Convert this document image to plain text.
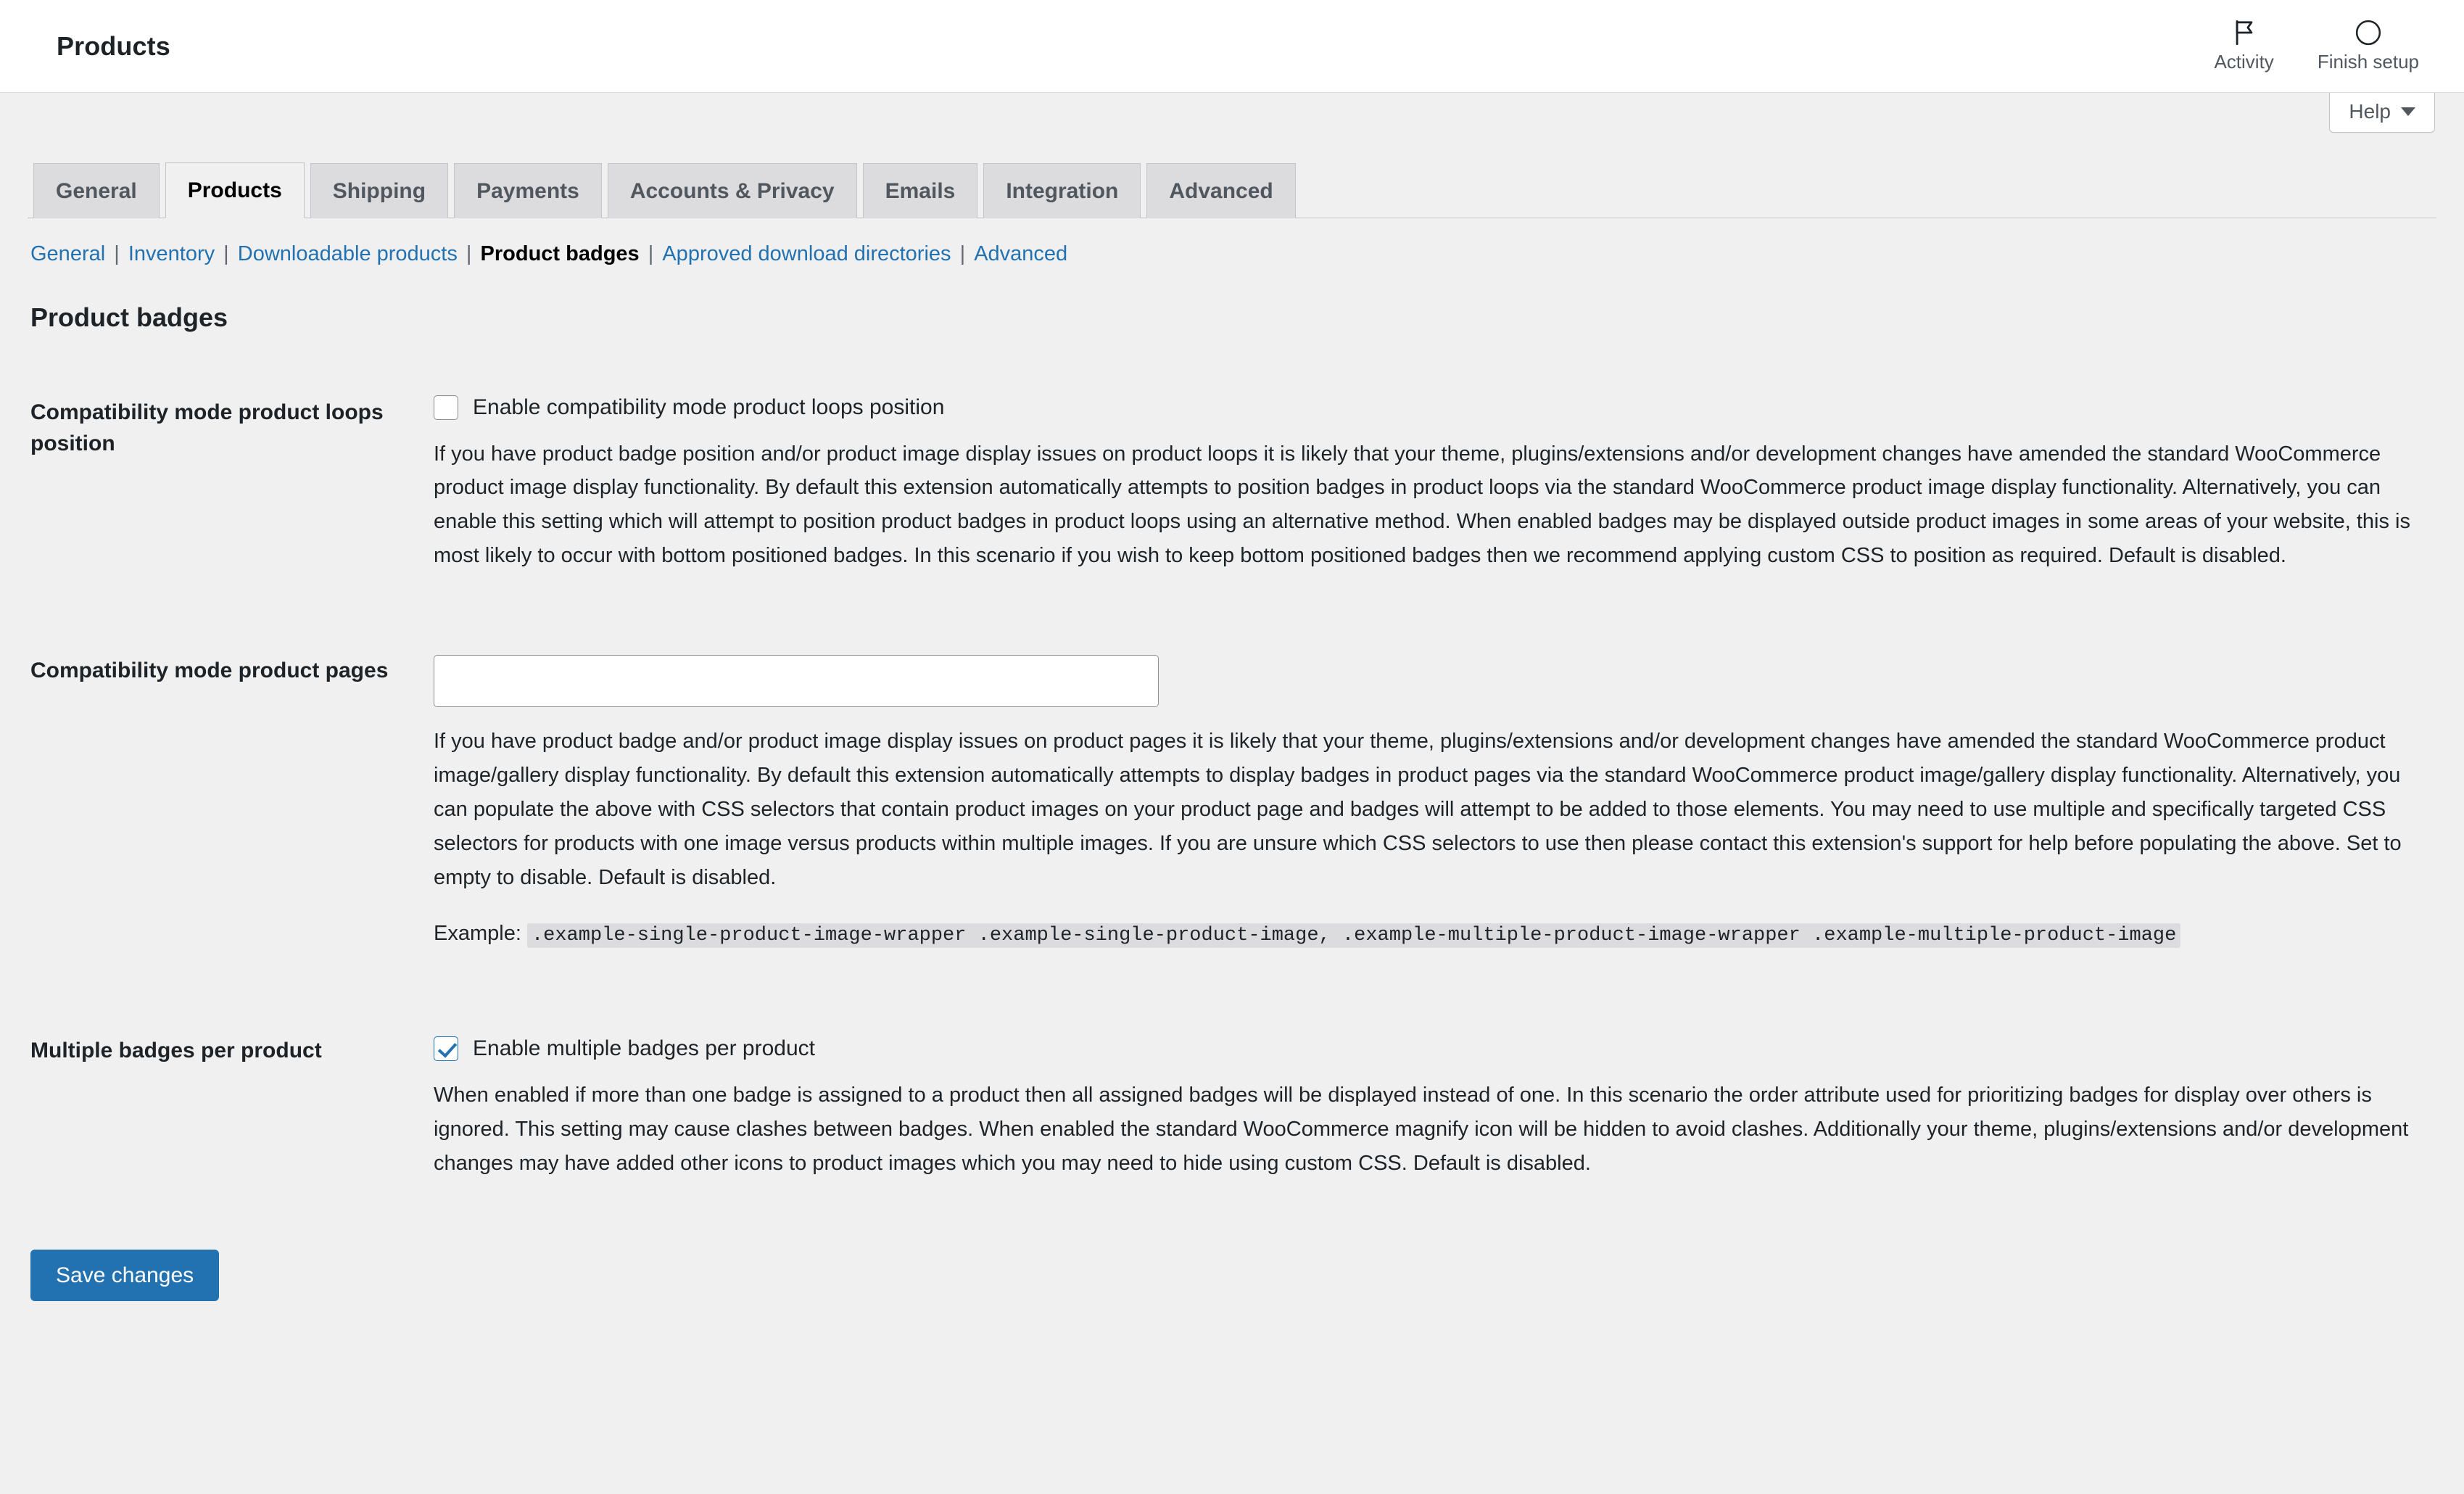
Products
Activity Finish setup
Help
General	Products	Shipping	Payments	Accounts & Privacy	Emails	Integration	Advanced
General | Inventory | Downloadable products | Product badges | Approved download directories | Advanced
Product badges
Compatibility mode product loops position	Enable compatibility mode product loops position

If you have product badge position and/or product image display issues on product loops it is likely that your theme, plugins/extensions and/or development changes have amended the standard WooCommerce product image display functionality. By default this extension automatically attempts to position badges in product loops via the standard WooCommerce product image display functionality. Alternatively, you can enable this setting which will attempt to position product badges in product loops using an alternative method. When enabled badges may be displayed outside product images in some areas of your website, this is most likely to occur with bottom positioned badges. In this scenario if you wish to keep bottom positioned badges then we recommend applying custom CSS to position as required. Default is disabled.

Compatibility mode product pages	If you have product badge and/or product image display issues on product pages it is likely that your theme, plugins/extensions and/or development changes have amended the standard WooCommerce product image/gallery display functionality. By default this extension automatically attempts to display badges in product pages via the standard WooCommerce product image/gallery display functionality. Alternatively, you can populate the above with CSS selectors that contain product images on your product page and badges will attempt to be added to those elements. You may need to use multiple and specifically targeted CSS selectors for products with one image versus products within multiple images. If you are unsure which CSS selectors to use then please contact this extension's support for help before populating the above. Set to empty to disable. Default is disabled.

Example: .example-single-product-image-wrapper .example-single-product-image, .example-multiple-product-image-wrapper .example-multiple-product-image

Multiple badges per product	Enable multiple badges per product

When enabled if more than one badge is assigned to a product then all assigned badges will be displayed instead of one. In this scenario the order attribute used for prioritizing badges for display over others is ignored. This setting may cause clashes between badges. When enabled the standard WooCommerce magnify icon will be hidden to avoid clashes. Additionally your theme, plugins/extensions and/or development changes may have added other icons to product images which you may need to hide using custom CSS. Default is disabled.

Save changes
